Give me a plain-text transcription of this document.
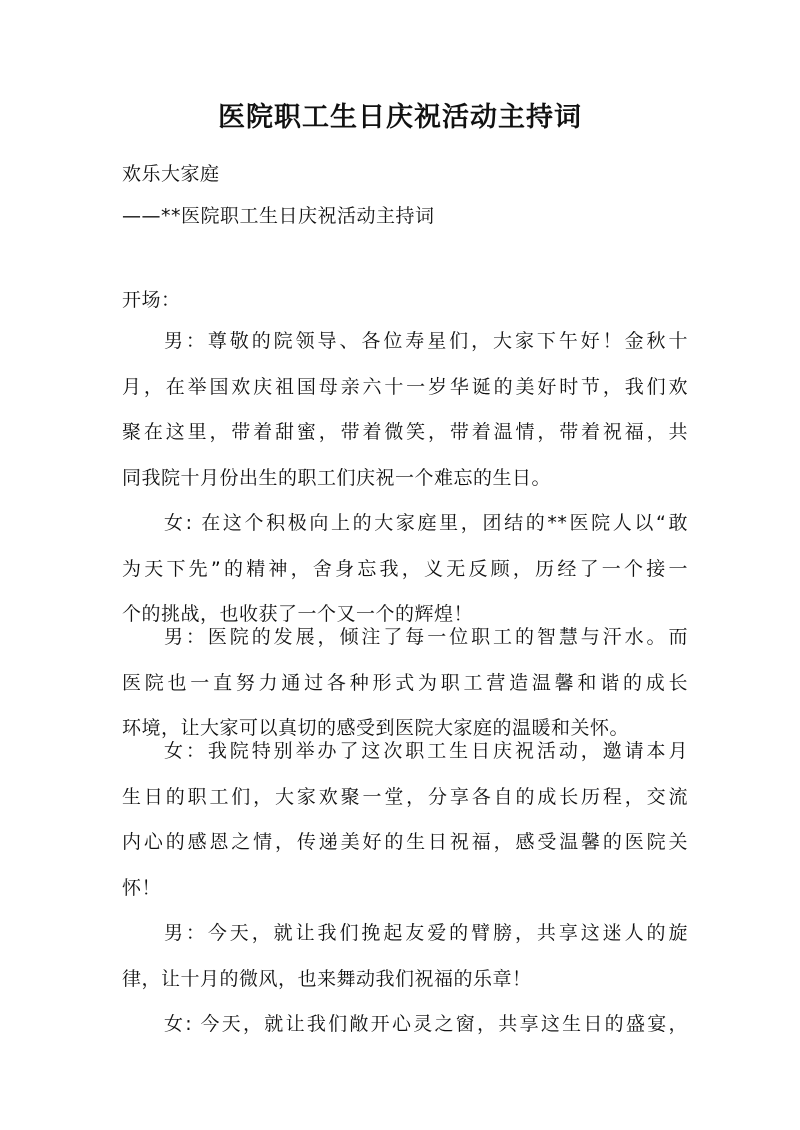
医院职工生日庆祝活动主持词
欢乐大家庭
——**医院职工生日庆祝活动主持词
开场：
男：尊敬的院领导、各位寿星们，大家下午好！金秋十
月，在举国欢庆祖国母亲六十一岁华诞的美好时节，我们欢
聚在这里，带着甜蜜，带着微笑，带着温情，带着祝福，共
同我院十月份出生的职工们庆祝一个难忘的生日。
女: 在这个积极向上的大家庭里，团结的**医院人以“敢
为天下先”的精神，舍身忘我，义无反顾，历经了一个接一
个的挑战，也收获了一个又一个的辉煌！
男：医院的发展，倾注了每一位职工的智慧与汗水。而
医院也一直努力通过各种形式为职工营造温馨和谐的成长
环境，让大家可以真切的感受到医院大家庭的温暖和关怀。
女：我院特别举办了这次职工生日庆祝活动，邀请本月
生日的职工们，大家欢聚一堂，分享各自的成长历程，交流
内心的感恩之情，传递美好的生日祝福，感受温馨的医院关
怀！
男：今天，就让我们挽起友爱的臂膀，共享这迷人的旋
律，让十月的微风，也来舞动我们祝福的乐章！
女: 今天，就让我们敞开心灵之窗，共享这生日的盛宴，
